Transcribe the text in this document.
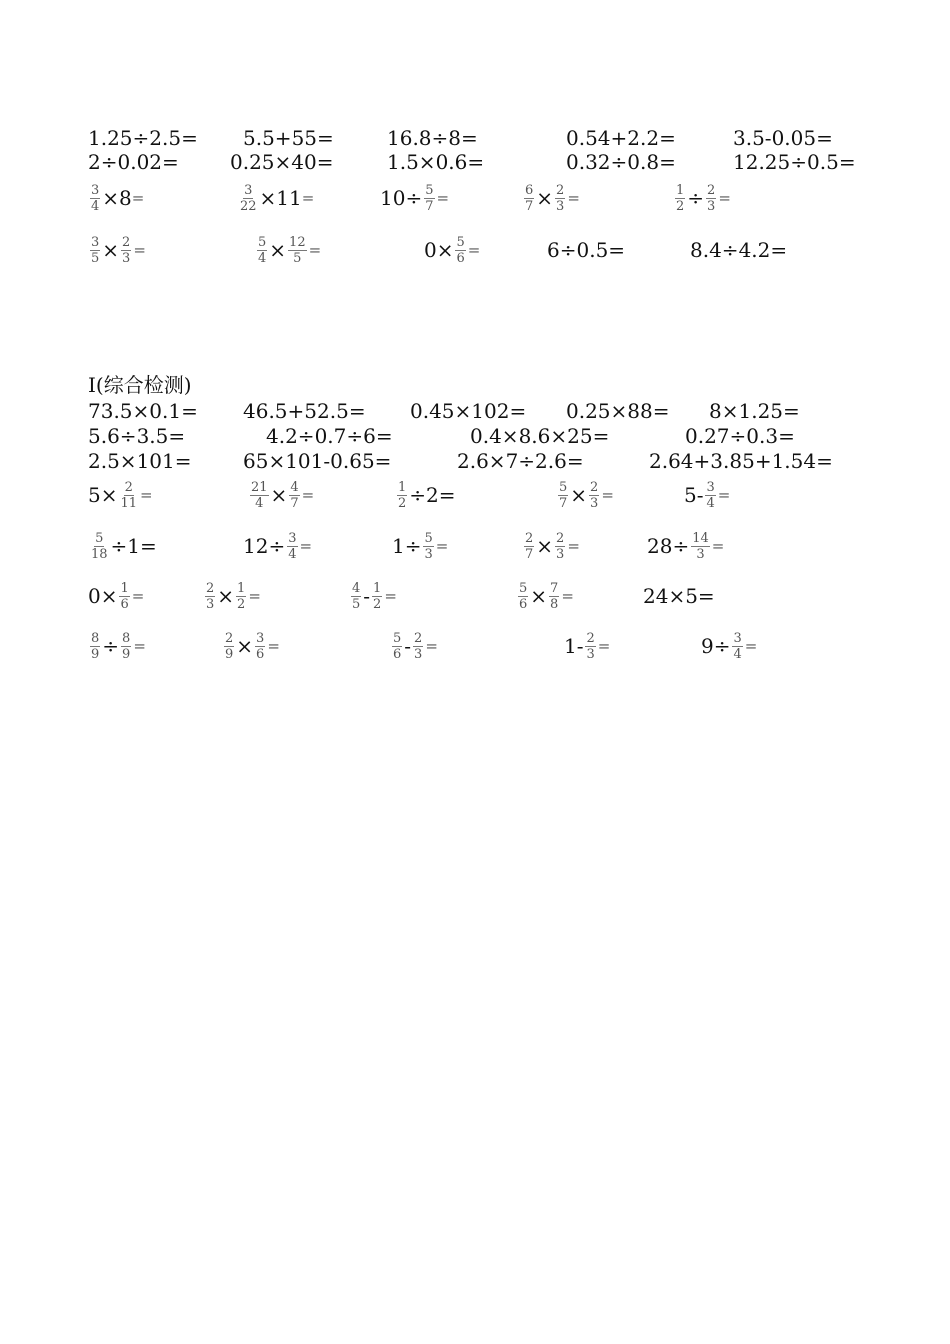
1.25÷2.5= 5.5+55=	16.8÷8=	0.54+2.2=	3.5-0.05=
2÷0.02=	0.25×40=	1.5×0.6=	0.32÷0.8=	12.25÷0.5=
$\frac{3}{4} \times 8$ =	$\frac{3}{22} \times 11$ =	$10\div \frac{5}{7}$ =	$\frac{6}{7} \times \frac{2}{3}$ =	$\frac{1}{2} \div \frac{2}{3}$ =
$\frac{3}{5} \times \frac{2}{3}$ =	$\frac{5}{4} \times \frac{12}{5}$ =	$0\times \frac{5}{6}$ =	6÷0.5=	8.4÷4.2=
I(综合检测)
73.5×0.1= 46.5+52.5= 0.45×102= 0.25×88= 8×1.25=
5.6÷3.5=	4.2÷0.7÷6=	0.4×8.6×25=	0.27÷0.3=
2.5×101=	65×101-0.65=	2.6×7÷2.6=	2.64+3.85+1.54=
$5\times \frac{2}{11}$ =	$\frac{21}{4} \times \frac{4}{7}$ =	$\frac{1}{2} \div 2=$	$\frac{5}{7} \times \frac{2}{3}$ =	$5- \frac{3}{4}$ =
$\frac{5}{18} \div 1=$	$12\div \frac{3}{4}$ =	$1\div \frac{5}{3}$ =	$\frac{2}{7} \times \frac{2}{3}$ =	$28\div \frac{14}{3}$ =
$0\times \frac{1}{6}$ =	$\frac{2}{3} \times \frac{1}{2}$ =	$\frac{4}{5} - \frac{1}{2}$ =	$\frac{5}{6} \times \frac{7}{8}$ =	24×5=
$\frac{8}{9} \div \frac{8}{9}$ =	$\frac{2}{9} \times \frac{3}{6}$ =	$\frac{5}{6} - \frac{2}{3}$ =	$1- \frac{2}{3}$ =	$9\div \frac{3}{4}$ =
